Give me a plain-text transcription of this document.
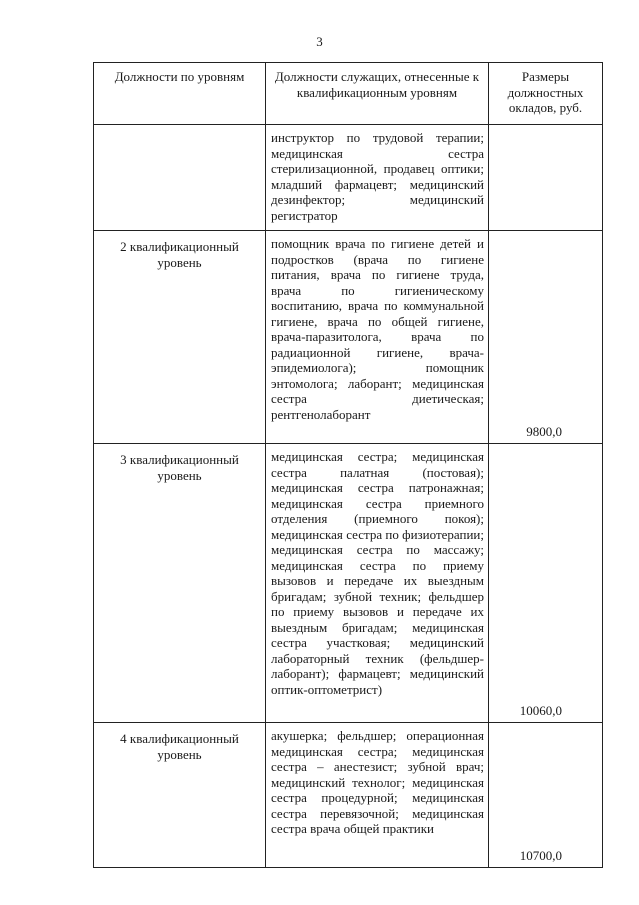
3
Должности по уровням	Должности служащих, отнесенные к квалификационным уровням	Размеры должностных окладов, руб.
	инструктор по трудовой терапии; медицинская сестра стерилизационной, продавец оптики; младший фармацевт; медицинский дезинфектор; медицинский регистратор	
2 квалификационный уровень	помощник врача по гигиене детей и подростков (врача по гигиене питания, врача по гигиене труда, врача по гигиеническому воспитанию, врача по коммунальной гигиене, врача по общей гигиене, врача-паразитолога, врача по радиационной гигиене, врача-эпидемиолога); помощник энтомолога; лаборант; медицинская сестра диетическая; рентгенолаборант	9800,0
3 квалификационный уровень	медицинская сестра; медицинская сестра палатная (постовая); медицинская сестра патронажная; медицинская сестра приемного отделения (приемного покоя); медицинская сестра по физиотерапии; медицинская сестра по массажу; медицинская сестра по приему вызовов и передаче их выездным бригадам; зубной техник; фельдшер по приему вызовов и передаче их выездным бригадам; медицинская сестра участковая; медицинский лабораторный техник (фельдшер-лаборант); фармацевт; медицинский оптик-оптометрист)	10060,0
4 квалификационный уровень	акушерка; фельдшер; операционная медицинская сестра; медицинская сестра – анестезист; зубной врач; медицинский технолог; медицинская сестра процедурной; медицинская сестра перевязочной; медицинская сестра врача общей практики	10700,0
